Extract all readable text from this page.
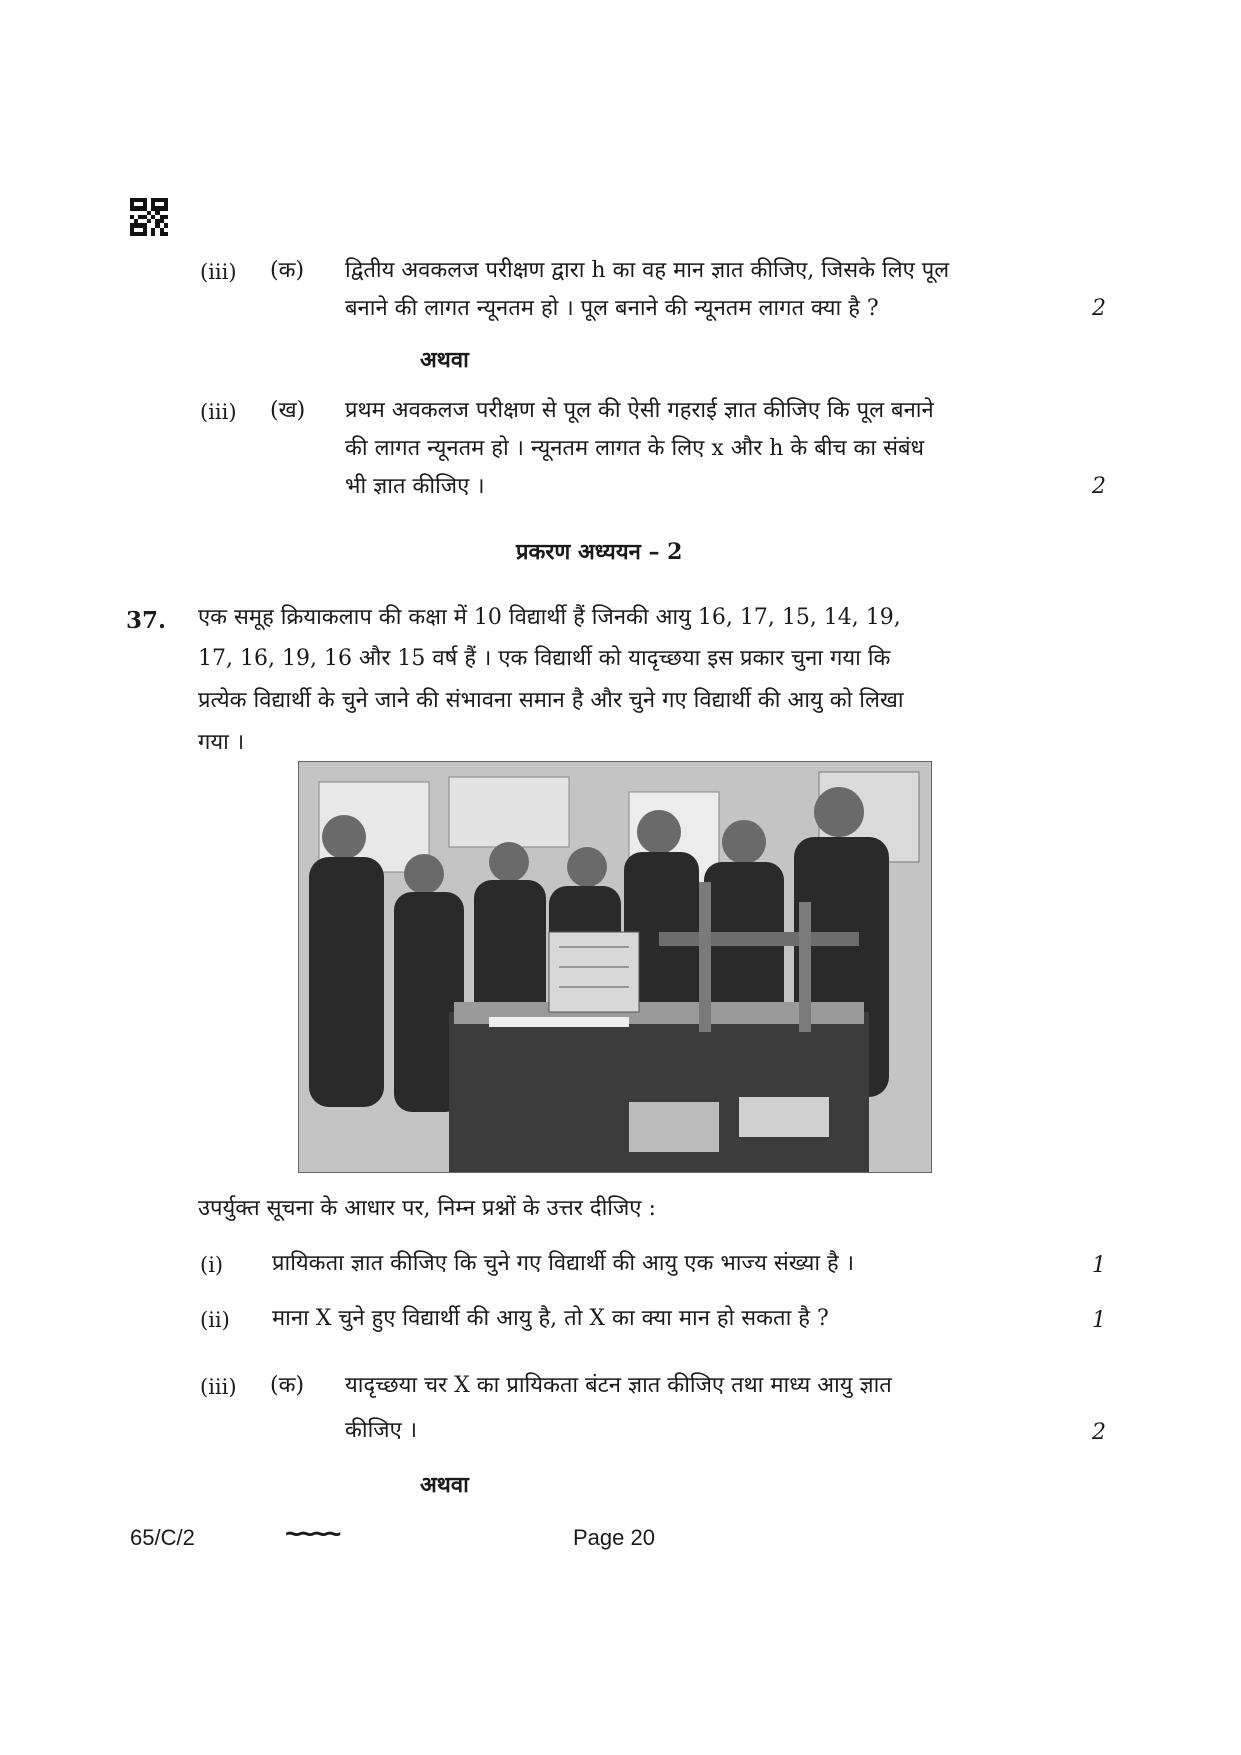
(iii) (क) द्वितीय अवकलज परीक्षण द्वारा h का वह मान ज्ञात कीजिए, जिसके लिए पूल
बनाने की लागत न्यूनतम हो । पूल बनाने की न्यूनतम लागत क्या है ?	2
अथवा
(iii) (ख) प्रथम अवकलज परीक्षण से पूल की ऐसी गहराई ज्ञात कीजिए कि पूल बनाने
की लागत न्यूनतम हो । न्यूनतम लागत के लिए x और h के बीच का संबंध
भी ज्ञात कीजिए ।	2
प्रकरण अध्ययन – 2
37. एक समूह क्रियाकलाप की कक्षा में 10 विद्यार्थी हैं जिनकी आयु 16, 17, 15, 14, 19,
17, 16, 19, 16 और 15 वर्ष हैं । एक विद्यार्थी को यादृच्छया इस प्रकार चुना गया कि
प्रत्येक विद्यार्थी के चुने जाने की संभावना समान है और चुने गए विद्यार्थी की आयु को लिखा
गया ।
उपर्युक्त सूचना के आधार पर, निम्न प्रश्नों के उत्तर दीजिए :
(i) प्रायिकता ज्ञात कीजिए कि चुने गए विद्यार्थी की आयु एक भाज्य संख्या है ।	1
(ii) माना X चुने हुए विद्यार्थी की आयु है, तो X का क्या मान हो सकता है ?	1
(iii) (क) यादृच्छया चर X का प्रायिकता बंटन ज्ञात कीजिए तथा माध्य आयु ज्ञात
कीजिए ।	2
अथवा
65/C/2	~~~~	Page 20
